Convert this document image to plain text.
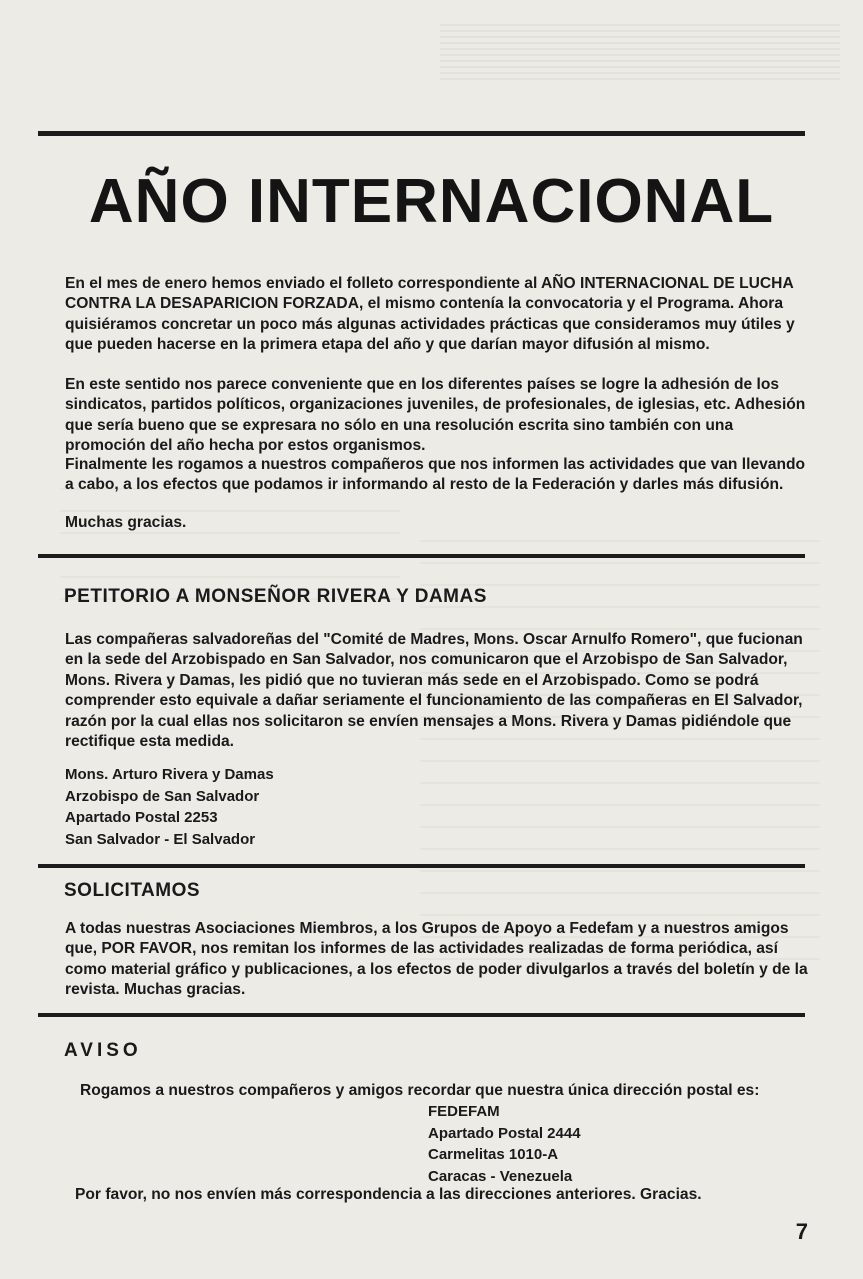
AÑO INTERNACIONAL

En el mes de enero hemos enviado el folleto correspondiente al AÑO INTERNACIONAL DE LUCHA CONTRA LA DESAPARICION FORZADA, el mismo contenía la convocatoria y el Programa. Ahora quisiéramos concretar un poco más algunas actividades prácticas que consideramos muy útiles y que pueden hacerse en la primera etapa del año y que darían mayor difusión al mismo.

En este sentido nos parece conveniente que en los diferentes países se logre la adhesión de los sindicatos, partidos políticos, organizaciones juveniles, de profesionales, de iglesias, etc. Adhesión que sería bueno que se expresara no sólo en una resolución escrita sino también con una promoción del año hecha por estos organismos.

Finalmente les rogamos a nuestros compañeros que nos informen las actividades que van llevando a cabo, a los efectos que podamos ir informando al resto de la Federación y darles más difusión.

Muchas gracias.

PETITORIO A MONSEÑOR RIVERA Y DAMAS

Las compañeras salvadoreñas del "Comité de Madres, Mons. Oscar Arnulfo Romero", que fucionan en la sede del Arzobispado en San Salvador, nos comunicaron que el Arzobispo de San Salvador, Mons. Rivera y Damas, les pidió que no tuvieran más sede en el Arzobispado. Como se podrá comprender esto equivale a dañar seriamente el funcionamiento de las compañeras en El Salvador, razón por la cual ellas nos solicitaron se envíen mensajes a Mons. Rivera y Damas pidiéndole que rectifique esta medida.

Mons. Arturo Rivera y Damas
Arzobispo de San Salvador
Apartado Postal 2253
San Salvador - El Salvador
SOLICITAMOS

A todas nuestras Asociaciones Miembros, a los Grupos de Apoyo a Fedefam y a nuestros amigos que, POR FAVOR, nos remitan los informes de las actividades realizadas de forma periódica, así como material gráfico y publicaciones, a los efectos de poder divulgarlos a través del boletín y de la revista. Muchas gracias.

AVISO

Rogamos a nuestros compañeros y amigos recordar que nuestra única dirección postal es:

FEDEFAM
Apartado Postal 2444
Carmelitas 1010-A
Caracas - Venezuela

Por favor, no nos envíen más correspondencia a las direcciones anteriores. Gracias.

7
